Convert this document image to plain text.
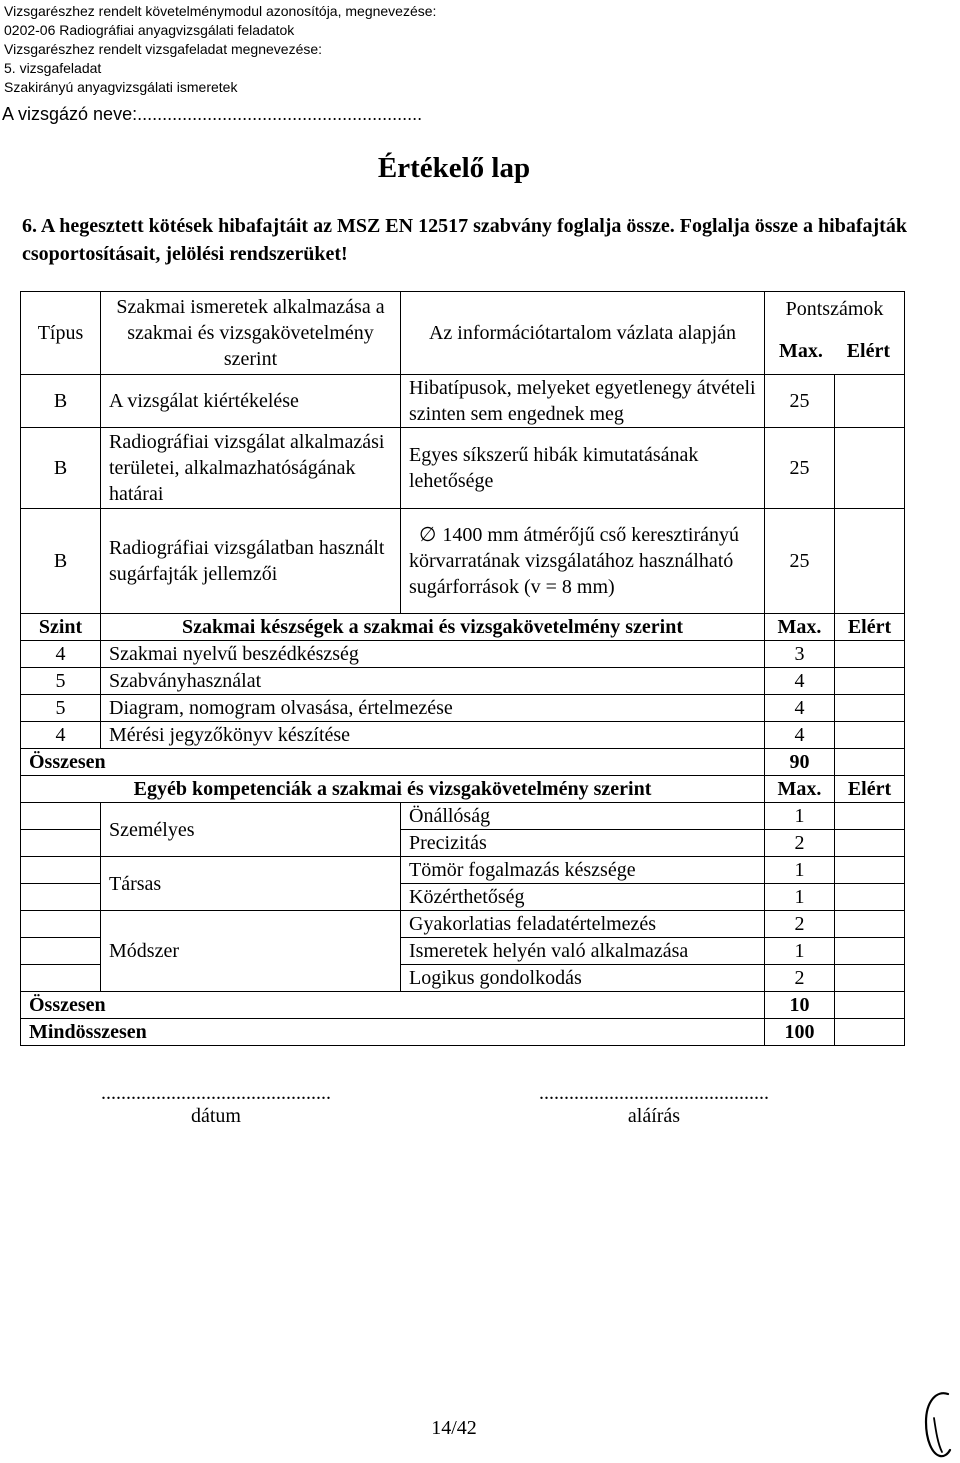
Vizsgarészhez rendelt követelménymodul azonosítója, megnevezése:
0202-06 Radiográfiai anyagvizsgálati feladatok
Vizsgarészhez rendelt vizsgafeladat megnevezése:
5. vizsgafeladat
Szakirányú anyagvizsgálati ismeretek
A vizsgázó neve:.........................................................
Értékelő lap
6. A hegesztett kötések hibafajtáit az MSZ EN 12517 szabvány foglalja össze. Foglalja össze a hibafajták csoportosításait, jelölési rendszerüket!
Típus	Szakmai ismeretek alkalmazása a szakmai és vizsgakövetelmény szerint	Az információtartalom vázlata alapján	Pontszámok
Max. Elért	

B	A vizsgálat kiértékelése	Hibatípusok, melyeket egyetlenegy átvételi szinten sem engednek meg	25	
B	Radiográfiai vizsgálat alkalmazási területei, alkalmazhatóságának határai	Egyes síkszerű hibák kimutatásának lehetősége	25	
B	Radiográfiai vizsgálatban használt sugárfajták jellemzői	∅ 1400 mm átmérőjű cső keresztirányú körvarratának vizsgálatához használható sugárforrások (v = 8 mm)	25	
Szint	Szakmai készségek a szakmai és vizsgakövetelmény szerint		Max.	Elért
4	Szakmai nyelvű beszédkészség		3	
5	Szabványhasználat		4	
5	Diagram, nomogram olvasása, értelmezése		4	
4	Mérési jegyzőkönyv készítése		4	
Összesen			90	
Egyéb kompetenciák a szakmai és vizsgakövetelmény szerint			Max.	Elért
	Személyes	Önállóság	1	
		Precizitás	2	
	Társas	Tömör fogalmazás készsége	1	
		Közérthetőség	1	
	Módszer	Gyakorlatias feladatértelmezés	2	
		Ismeretek helyén való alkalmazása	1	
		Logikus gondolkodás	2	
Összesen			10	
Mindösszesen			100	
..............................................
dátum
..............................................
aláírás
14/42
